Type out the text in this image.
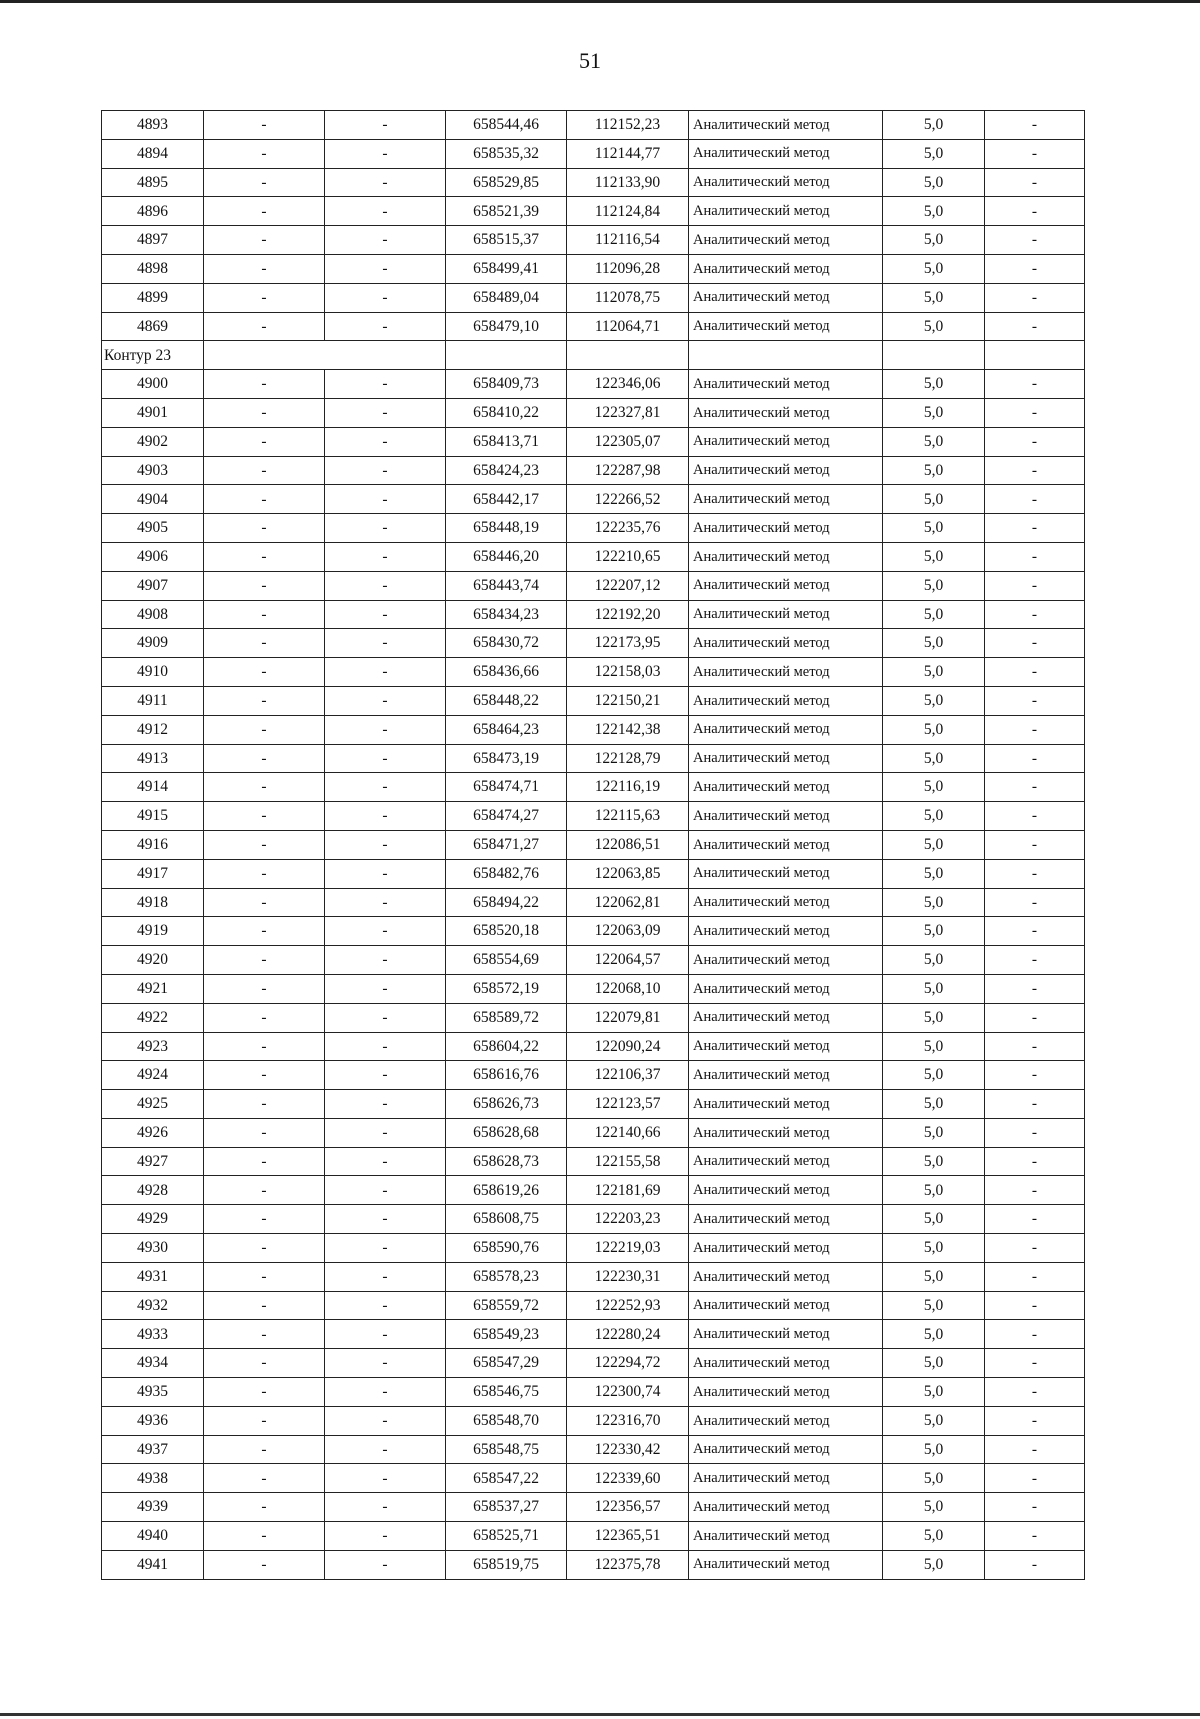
51
4893	-	-	658544,46	112152,23	Аналитический метод	5,0	-
4894	-	-	658535,32	112144,77	Аналитический метод	5,0	-
4895	-	-	658529,85	112133,90	Аналитический метод	5,0	-
4896	-	-	658521,39	112124,84	Аналитический метод	5,0	-
4897	-	-	658515,37	112116,54	Аналитический метод	5,0	-
4898	-	-	658499,41	112096,28	Аналитический метод	5,0	-
4899	-	-	658489,04	112078,75	Аналитический метод	5,0	-
4869	-	-	658479,10	112064,71	Аналитический метод	5,0	-
Контур 23							
4900	-	-	658409,73	122346,06	Аналитический метод	5,0	-
4901	-	-	658410,22	122327,81	Аналитический метод	5,0	-
4902	-	-	658413,71	122305,07	Аналитический метод	5,0	-
4903	-	-	658424,23	122287,98	Аналитический метод	5,0	-
4904	-	-	658442,17	122266,52	Аналитический метод	5,0	-
4905	-	-	658448,19	122235,76	Аналитический метод	5,0	-
4906	-	-	658446,20	122210,65	Аналитический метод	5,0	-
4907	-	-	658443,74	122207,12	Аналитический метод	5,0	-
4908	-	-	658434,23	122192,20	Аналитический метод	5,0	-
4909	-	-	658430,72	122173,95	Аналитический метод	5,0	-
4910	-	-	658436,66	122158,03	Аналитический метод	5,0	-
4911	-	-	658448,22	122150,21	Аналитический метод	5,0	-
4912	-	-	658464,23	122142,38	Аналитический метод	5,0	-
4913	-	-	658473,19	122128,79	Аналитический метод	5,0	-
4914	-	-	658474,71	122116,19	Аналитический метод	5,0	-
4915	-	-	658474,27	122115,63	Аналитический метод	5,0	-
4916	-	-	658471,27	122086,51	Аналитический метод	5,0	-
4917	-	-	658482,76	122063,85	Аналитический метод	5,0	-
4918	-	-	658494,22	122062,81	Аналитический метод	5,0	-
4919	-	-	658520,18	122063,09	Аналитический метод	5,0	-
4920	-	-	658554,69	122064,57	Аналитический метод	5,0	-
4921	-	-	658572,19	122068,10	Аналитический метод	5,0	-
4922	-	-	658589,72	122079,81	Аналитический метод	5,0	-
4923	-	-	658604,22	122090,24	Аналитический метод	5,0	-
4924	-	-	658616,76	122106,37	Аналитический метод	5,0	-
4925	-	-	658626,73	122123,57	Аналитический метод	5,0	-
4926	-	-	658628,68	122140,66	Аналитический метод	5,0	-
4927	-	-	658628,73	122155,58	Аналитический метод	5,0	-
4928	-	-	658619,26	122181,69	Аналитический метод	5,0	-
4929	-	-	658608,75	122203,23	Аналитический метод	5,0	-
4930	-	-	658590,76	122219,03	Аналитический метод	5,0	-
4931	-	-	658578,23	122230,31	Аналитический метод	5,0	-
4932	-	-	658559,72	122252,93	Аналитический метод	5,0	-
4933	-	-	658549,23	122280,24	Аналитический метод	5,0	-
4934	-	-	658547,29	122294,72	Аналитический метод	5,0	-
4935	-	-	658546,75	122300,74	Аналитический метод	5,0	-
4936	-	-	658548,70	122316,70	Аналитический метод	5,0	-
4937	-	-	658548,75	122330,42	Аналитический метод	5,0	-
4938	-	-	658547,22	122339,60	Аналитический метод	5,0	-
4939	-	-	658537,27	122356,57	Аналитический метод	5,0	-
4940	-	-	658525,71	122365,51	Аналитический метод	5,0	-
4941	-	-	658519,75	122375,78	Аналитический метод	5,0	-
